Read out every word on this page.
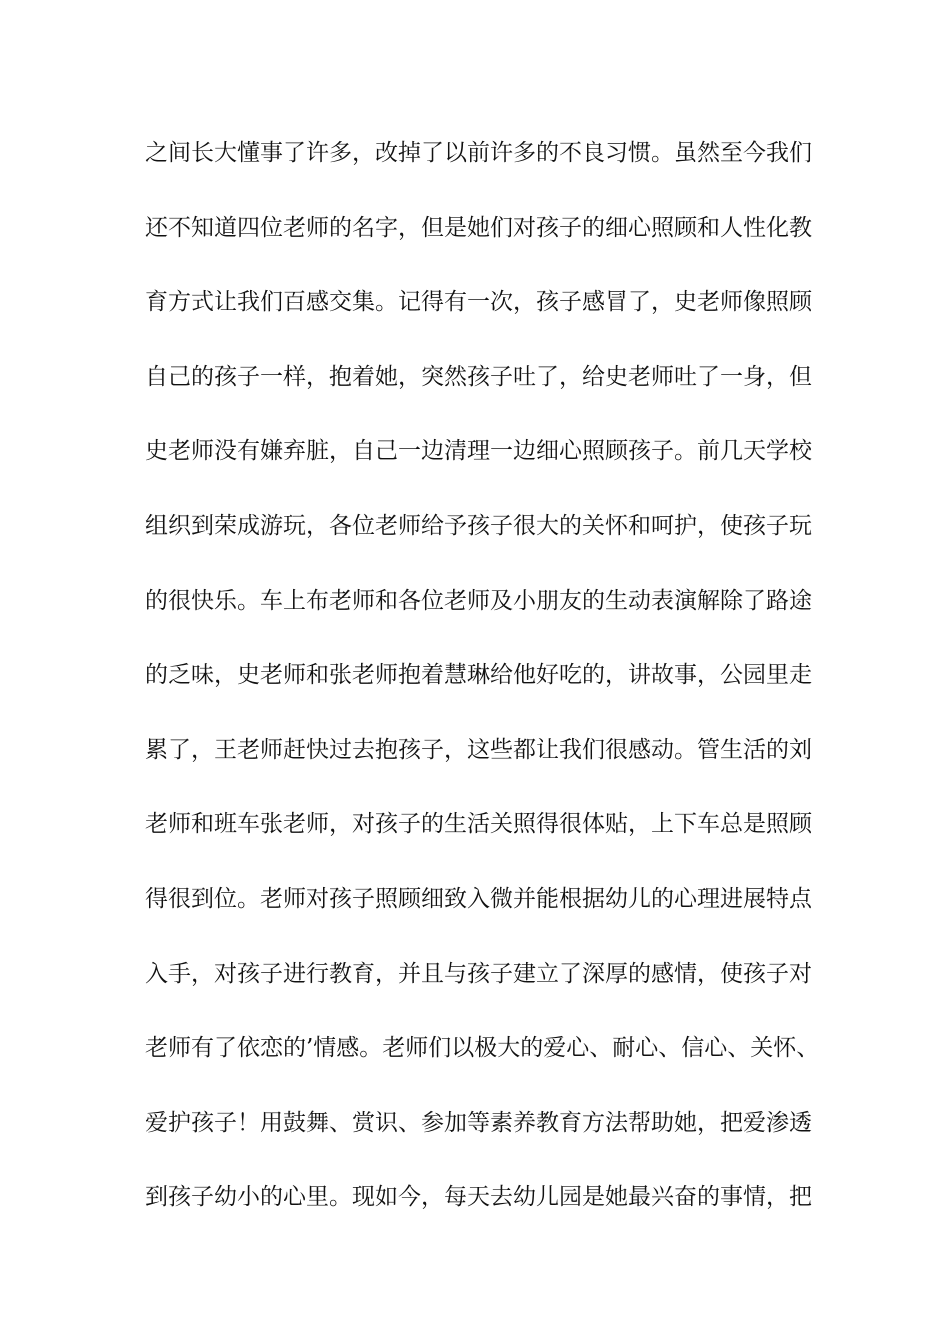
之间长大懂事了许多，改掉了以前许多的不良习惯。虽然至今我们
还不知道四位老师的名字，但是她们对孩子的细心照顾和人性化教
育方式让我们百感交集。记得有一次，孩子感冒了，史老师像照顾
自己的孩子一样，抱着她，突然孩子吐了，给史老师吐了一身，但
史老师没有嫌弃脏，自己一边清理一边细心照顾孩子。前几天学校
组织到荣成游玩，各位老师给予孩子很大的关怀和呵护，使孩子玩
的很快乐。车上布老师和各位老师及小朋友的生动表演解除了路途
的乏味，史老师和张老师抱着慧琳给他好吃的，讲故事，公园里走
累了，王老师赶快过去抱孩子，这些都让我们很感动。管生活的刘
老师和班车张老师，对孩子的生活关照得很体贴，上下车总是照顾
得很到位。老师对孩子照顾细致入微并能根据幼儿的心理进展特点
入手，对孩子进行教育，并且与孩子建立了深厚的感情，使孩子对
老师有了依恋的’情感。老师们以极大的爱心、耐心、信心、关怀、
爱护孩子！用鼓舞、赏识、参加等素养教育方法帮助她，把爱渗透
到孩子幼小的心里。现如今，每天去幼儿园是她最兴奋的事情，把
